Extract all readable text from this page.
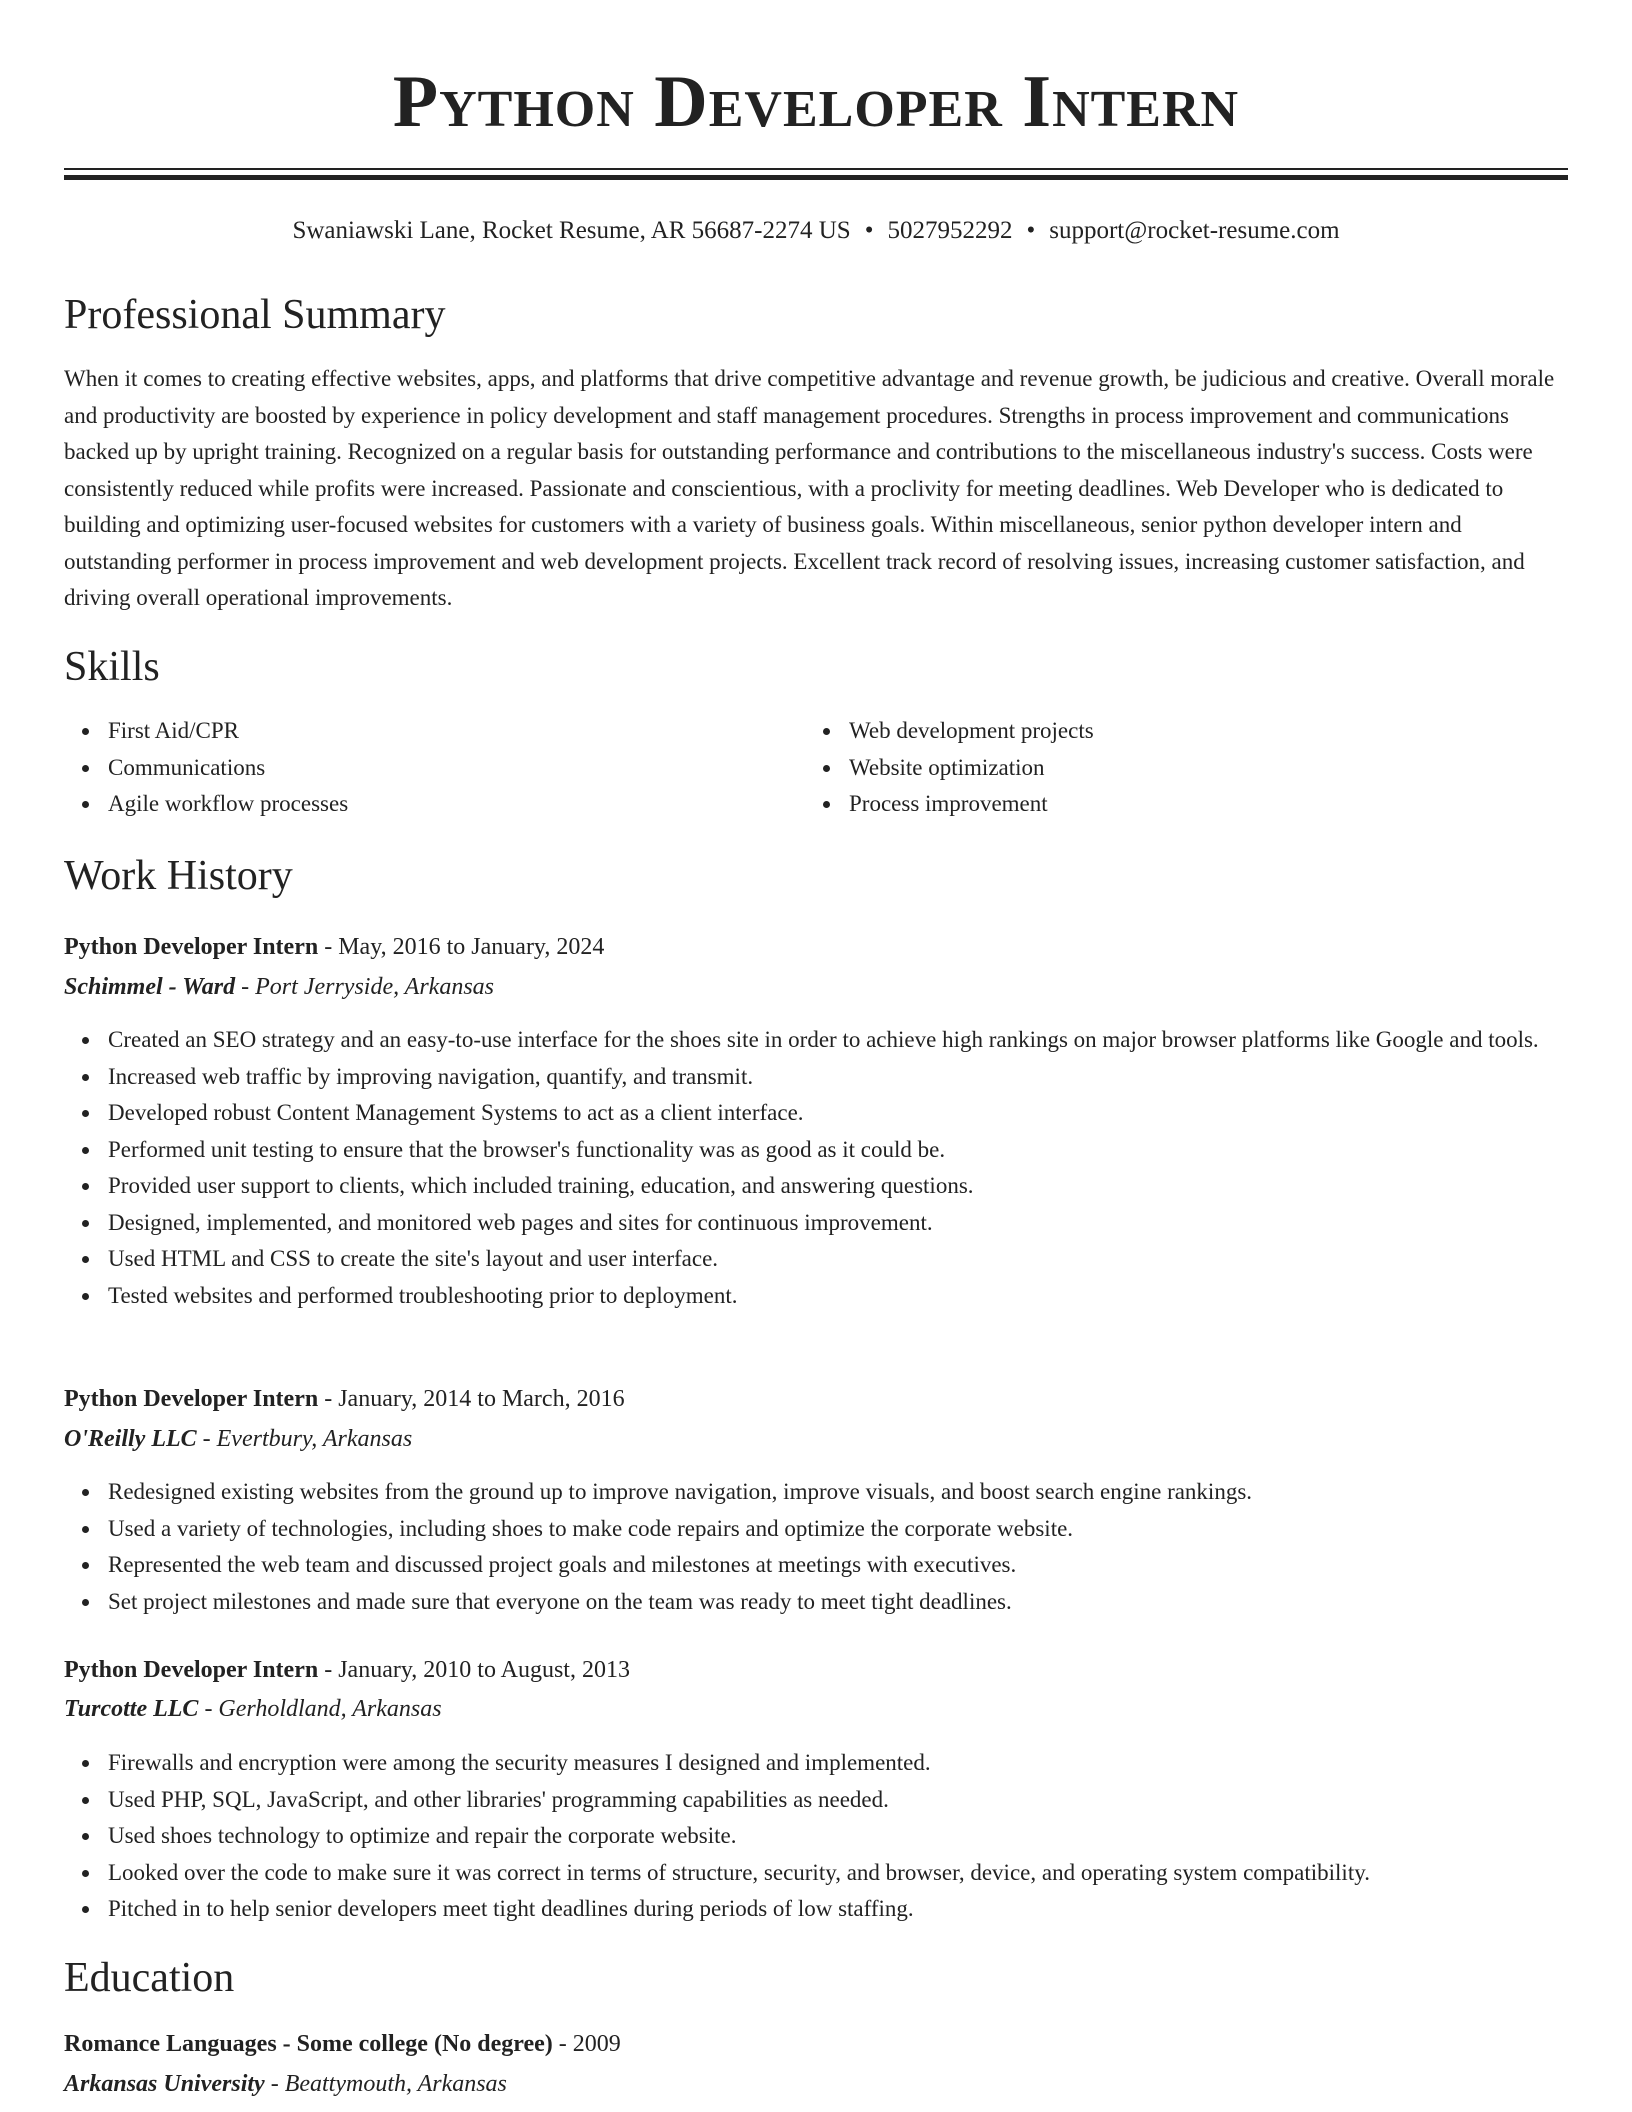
Python Developer Intern
Swaniawski Lane, Rocket Resume, AR 56687-2274 US • 5027952292 • support@rocket-resume.com
Professional Summary
When it comes to creating effective websites, apps, and platforms that drive competitive advantage and revenue growth, be judicious and creative. Overall morale and productivity are boosted by experience in policy development and staff management procedures. Strengths in process improvement and communications backed up by upright training. Recognized on a regular basis for outstanding performance and contributions to the miscellaneous industry's success. Costs were consistently reduced while profits were increased. Passionate and conscientious, with a proclivity for meeting deadlines. Web Developer who is dedicated to building and optimizing user-focused websites for customers with a variety of business goals. Within miscellaneous, senior python developer intern and outstanding performer in process improvement and web development projects. Excellent track record of resolving issues, increasing customer satisfaction, and driving overall operational improvements.
Skills
First Aid/CPR
Communications
Agile workflow processes
Web development projects
Website optimization
Process improvement
Work History
Python Developer Intern - May, 2016 to January, 2024
Schimmel - Ward - Port Jerryside, Arkansas
Created an SEO strategy and an easy-to-use interface for the shoes site in order to achieve high rankings on major browser platforms like Google and tools.
Increased web traffic by improving navigation, quantify, and transmit.
Developed robust Content Management Systems to act as a client interface.
Performed unit testing to ensure that the browser's functionality was as good as it could be.
Provided user support to clients, which included training, education, and answering questions.
Designed, implemented, and monitored web pages and sites for continuous improvement.
Used HTML and CSS to create the site's layout and user interface.
Tested websites and performed troubleshooting prior to deployment.
Python Developer Intern - January, 2014 to March, 2016
O'Reilly LLC - Evertbury, Arkansas
Redesigned existing websites from the ground up to improve navigation, improve visuals, and boost search engine rankings.
Used a variety of technologies, including shoes to make code repairs and optimize the corporate website.
Represented the web team and discussed project goals and milestones at meetings with executives.
Set project milestones and made sure that everyone on the team was ready to meet tight deadlines.
Python Developer Intern - January, 2010 to August, 2013
Turcotte LLC - Gerholdland, Arkansas
Firewalls and encryption were among the security measures I designed and implemented.
Used PHP, SQL, JavaScript, and other libraries' programming capabilities as needed.
Used shoes technology to optimize and repair the corporate website.
Looked over the code to make sure it was correct in terms of structure, security, and browser, device, and operating system compatibility.
Pitched in to help senior developers meet tight deadlines during periods of low staffing.
Education
Romance Languages - Some college (No degree) - 2009
Arkansas University - Beattymouth, Arkansas
